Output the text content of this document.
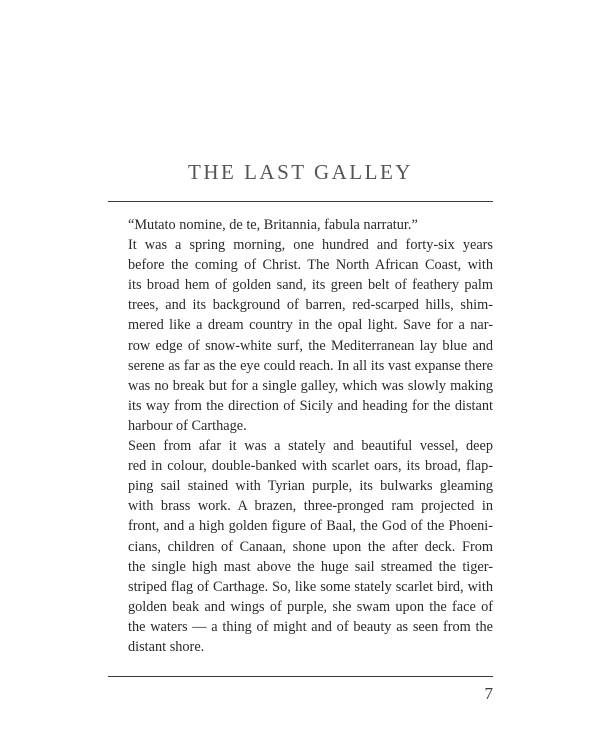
THE LAST GALLEY

“Mutato nomine, de te, Britannia, fabula narratur.”

It was a spring morning, one hundred and forty-six years
before the coming of Christ. The North African Coast, with
its broad hem of golden sand, its green belt of feathery palm
trees, and its background of barren, red-scarped hills, shim-
mered like a dream country in the opal light. Save for a nar-
row edge of snow-white surf, the Mediterranean lay blue and
serene as far as the eye could reach. In all its vast expanse there
was no break but for a single galley, which was slowly making
its way from the direction of Sicily and heading for the distant
harbour of Carthage.

Seen from afar it was a stately and beautiful vessel, deep
red in colour, double-banked with scarlet oars, its broad, flap-
ping sail stained with Tyrian purple, its bulwarks gleaming
with brass work. A brazen, three-pronged ram projected in
front, and a high golden figure of Baal, the God of the Phoeni-
cians, children of Canaan, shone upon the after deck. From
the single high mast above the huge sail streamed the tiger-
striped flag of Carthage. So, like some stately scarlet bird, with
golden beak and wings of purple, she swam upon the face of
the waters — a thing of might and of beauty as seen from the
distant shore.

7
